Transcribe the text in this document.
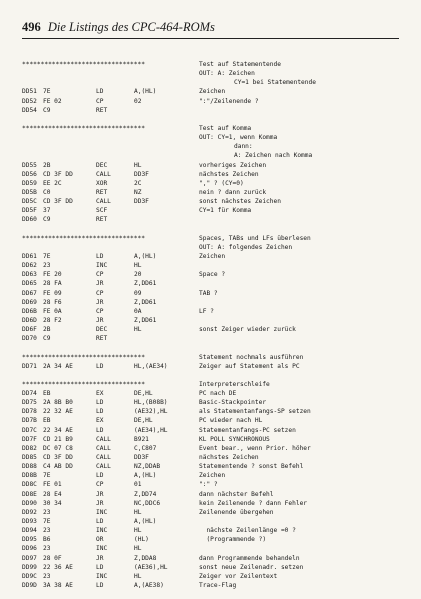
496 Die Listings des CPC-464-ROMs
*********************************	Test auf Statementende
OUT: A: Zeichen
CY=1 bei Statementende
DD51 7E	LD	A,(HL)	Zeichen
DD52 FE 02	CP	02	":"/Zeilenende ?
DD54 C9	RET
*********************************	Test auf Komma
OUT: CY=1, wenn Komma
dann:
A: Zeichen nach Komma
DD55 2B	DEC	HL	vorheriges Zeichen
DD56 CD 3F DD	CALL	DD3F	nächstes Zeichen
DD59 EE 2C	XOR	2C	"," ? (CY=0)
DD5B C0	RET	NZ	nein ? dann zurück
DD5C CD 3F DD	CALL	DD3F	sonst nächstes Zeichen
DD5F 37	SCF	CY=1 für Komma
DD60 C9	RET
*********************************	Spaces, TABs und LFs überlesen
OUT: A: folgendes Zeichen
DD61 7E	LD	A,(HL)	Zeichen
DD62 23	INC	HL
DD63 FE 20	CP	20	Space ?
DD65 28 FA	JR	Z,DD61
DD67 FE 09	CP	09	TAB ?
DD69 28 F6	JR	Z,DD61
DD6B FE 0A	CP	0A	LF ?
DD6D 28 F2	JR	Z,DD61
DD6F 2B	DEC	HL	sonst Zeiger wieder zurück
DD70 C9	RET
*********************************	Statement nochmals ausführen
DD71 2A 34 AE	LD	HL,(AE34)	Zeiger auf Statement als PC
*********************************	Interpreterschleife
DD74 EB	EX	DE,HL	PC nach DE
DD75 2A 8B B0	LD	HL,(B08B)	Basic-Stackpointer
DD78 22 32 AE	LD	(AE32),HL	als Statementanfangs-SP setzen
DD7B EB	EX	DE,HL	PC wieder nach HL
DD7C 22 34 AE	LD	(AE34),HL	Statementanfangs-PC setzen
DD7F CD 21 B9	CALL	B921	KL POLL SYNCHRONOUS
DD82 DC 07 C8	CALL	C,C807	Event bear., wenn Prior. höher
DD85 CD 3F DD	CALL	DD3F	nächstes Zeichen
DD88 C4 AB DD	CALL	NZ,DDAB	Statementende ? sonst Befehl
DD8B 7E	LD	A,(HL)	Zeichen
DD8C FE 01	CP	01	":" ?
DD8E 28 E4	JR	Z,DD74	dann nächster Befehl
DD90 30 34	JR	NC,DDC6	kein Zeilenende ? dann Fehler
DD92 23	INC	HL	Zeilenende übergehen
DD93 7E	LD	A,(HL)
DD94 23	INC	HL	nächste Zeilenlänge =0 ?
DD95 B6	OR	(HL)	(Programmende ?)
DD96 23	INC	HL
DD97 28 0F	JR	Z,DDA8	dann Programmende behandeln
DD99 22 36 AE	LD	(AE36),HL	sonst neue Zeilenadr. setzen
DD9C 23	INC	HL	Zeiger vor Zeilentext
DD9D 3A 38 AE	LD	A,(AE38)	Trace-Flag
